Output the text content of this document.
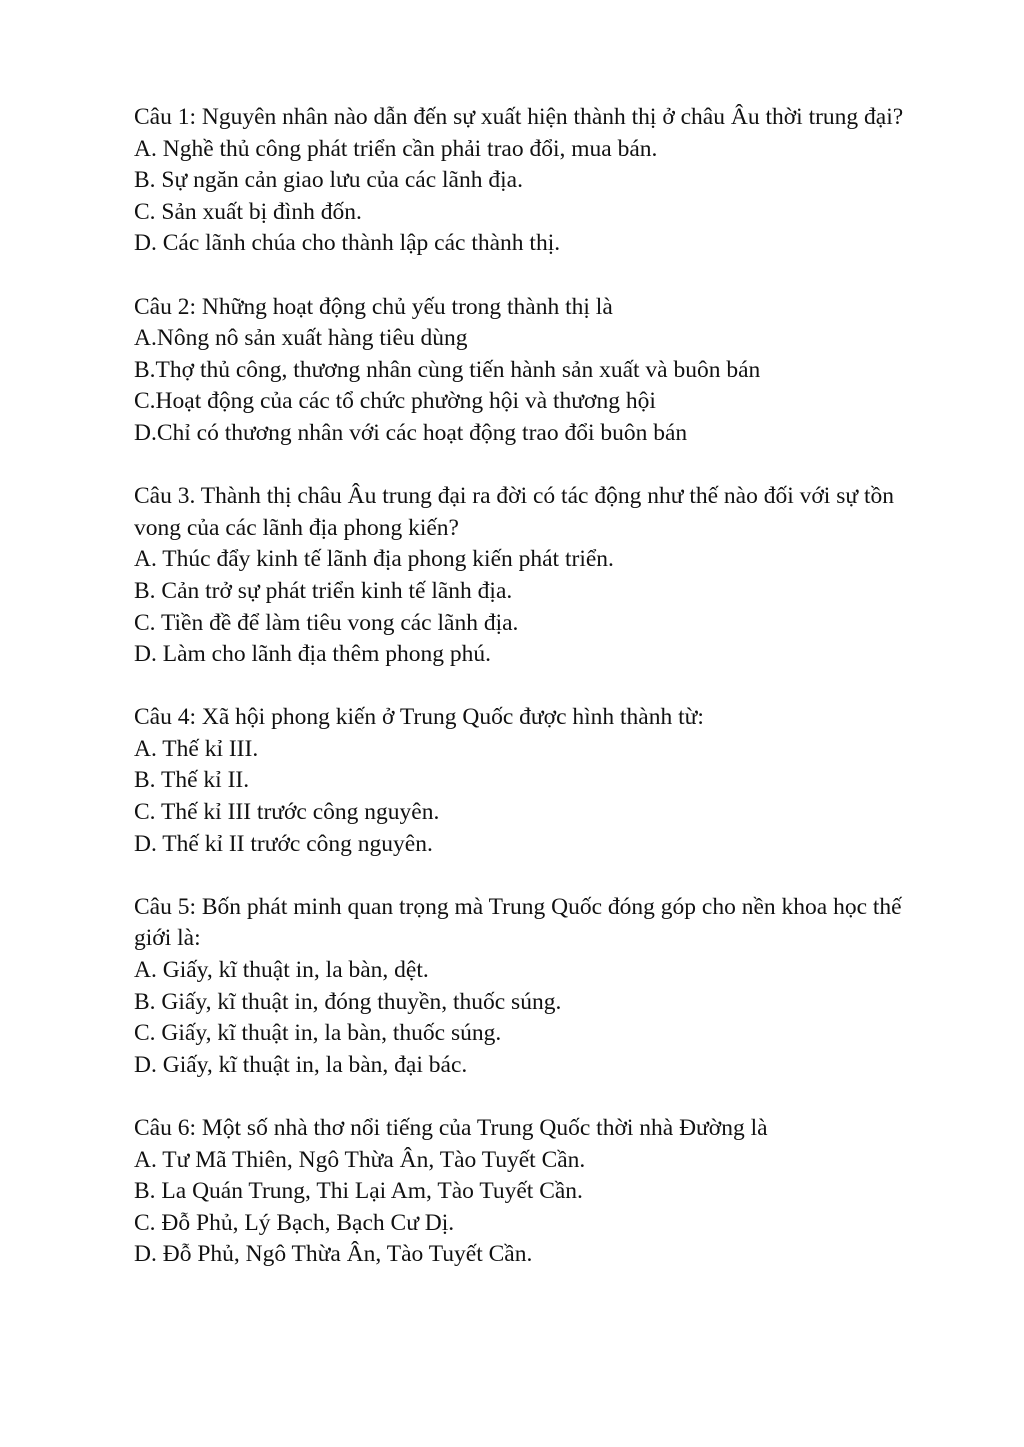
Câu 1: Nguyên nhân nào dẫn đến sự xuất hiện thành thị ở châu Âu thời trung đại?

A. Nghề thủ công phát triển cần phải trao đổi, mua bán.

B. Sự ngăn cản giao lưu của các lãnh địa.

C. Sản xuất bị đình đốn.

D. Các lãnh chúa cho thành lập các thành thị.

Câu 2: Những hoạt động chủ yếu trong thành thị là

A.Nông nô sản xuất hàng tiêu dùng

B.Thợ thủ công, thương nhân cùng tiến hành sản xuất và buôn bán

C.Hoạt động của các tổ chức phường hội và thương hội

D.Chỉ có thương nhân với các hoạt động trao đổi buôn bán

Câu 3. Thành thị châu Âu trung đại ra đời có tác động như thế nào đối với sự tồn vong của các lãnh địa phong kiến?

A. Thúc đẩy kinh tế lãnh địa phong kiến phát triển.

B. Cản trở sự phát triển kinh tế lãnh địa.

C. Tiền đề để làm tiêu vong các lãnh địa.

D. Làm cho lãnh địa thêm phong phú.

Câu 4: Xã hội phong kiến ở Trung Quốc được hình thành từ:

A. Thế kỉ III.

B. Thế kỉ II.

C. Thế kỉ III trước công nguyên.

D. Thế kỉ II trước công nguyên.

Câu 5: Bốn phát minh quan trọng mà Trung Quốc đóng góp cho nền khoa học thế giới là:

A. Giấy, kĩ thuật in, la bàn, dệt.

B. Giấy, kĩ thuật in, đóng thuyền, thuốc súng.

C. Giấy, kĩ thuật in, la bàn, thuốc súng.

D. Giấy, kĩ thuật in, la bàn, đại bác.

Câu 6: Một số nhà thơ nổi tiếng của Trung Quốc thời nhà Đường là

A. Tư Mã Thiên, Ngô Thừa Ân, Tào Tuyết Cần.

B. La Quán Trung, Thi Lại Am, Tào Tuyết Cần.

C. Đỗ Phủ, Lý Bạch, Bạch Cư Dị.

D. Đỗ Phủ, Ngô Thừa Ân, Tào Tuyết Cần.
